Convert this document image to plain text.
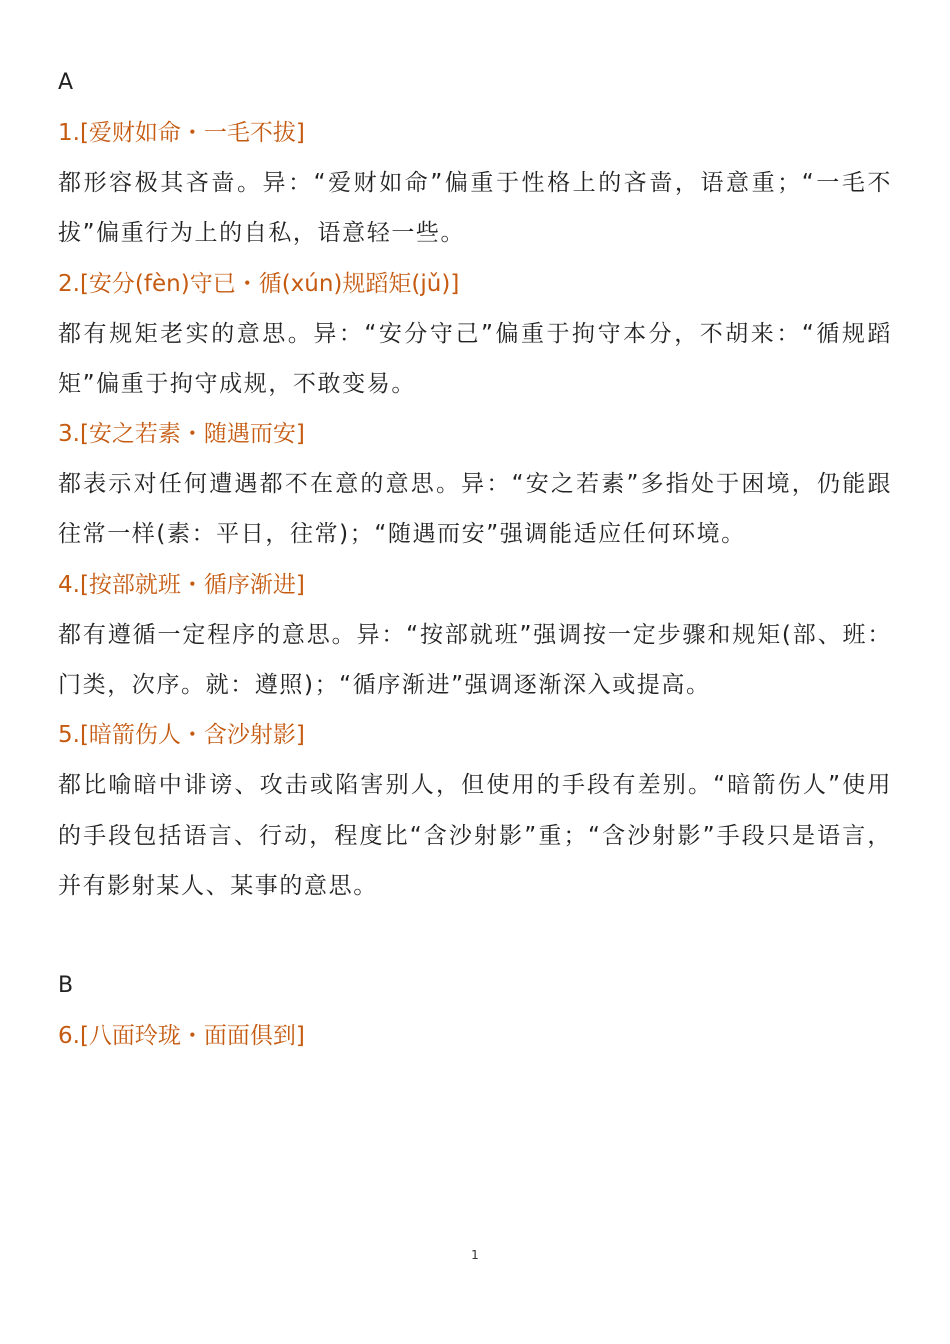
A
1.[爱财如命・一毛不拔]
都形容极其吝啬。异：“爱财如命”偏重于性格上的吝啬，语意重；“一毛不拔”偏重行为上的自私，语意轻一些。
2.[安分(fèn)守已・循(xún)规蹈矩(jǔ)]
都有规矩老实的意思。异：“安分守己”偏重于拘守本分，不胡来：“循规蹈矩”偏重于拘守成规，不敢变易。
3.[安之若素・随遇而安]
都表示对任何遭遇都不在意的意思。异：“安之若素”多指处于困境，仍能跟往常一样(素：平日，往常)；“随遇而安”强调能适应任何环境。
4.[按部就班・循序渐进]
都有遵循一定程序的意思。异：“按部就班”强调按一定步骤和规矩(部、班：门类，次序。就：遵照)；“循序渐进”强调逐渐深入或提高。
5.[暗箭伤人・含沙射影]
都比喻暗中诽谤、攻击或陷害别人，但使用的手段有差别。“暗箭伤人”使用的手段包括语言、行动，程度比“含沙射影”重；“含沙射影”手段只是语言，并有影射某人、某事的意思。
B
6.[八面玲珑・面面俱到]
1
